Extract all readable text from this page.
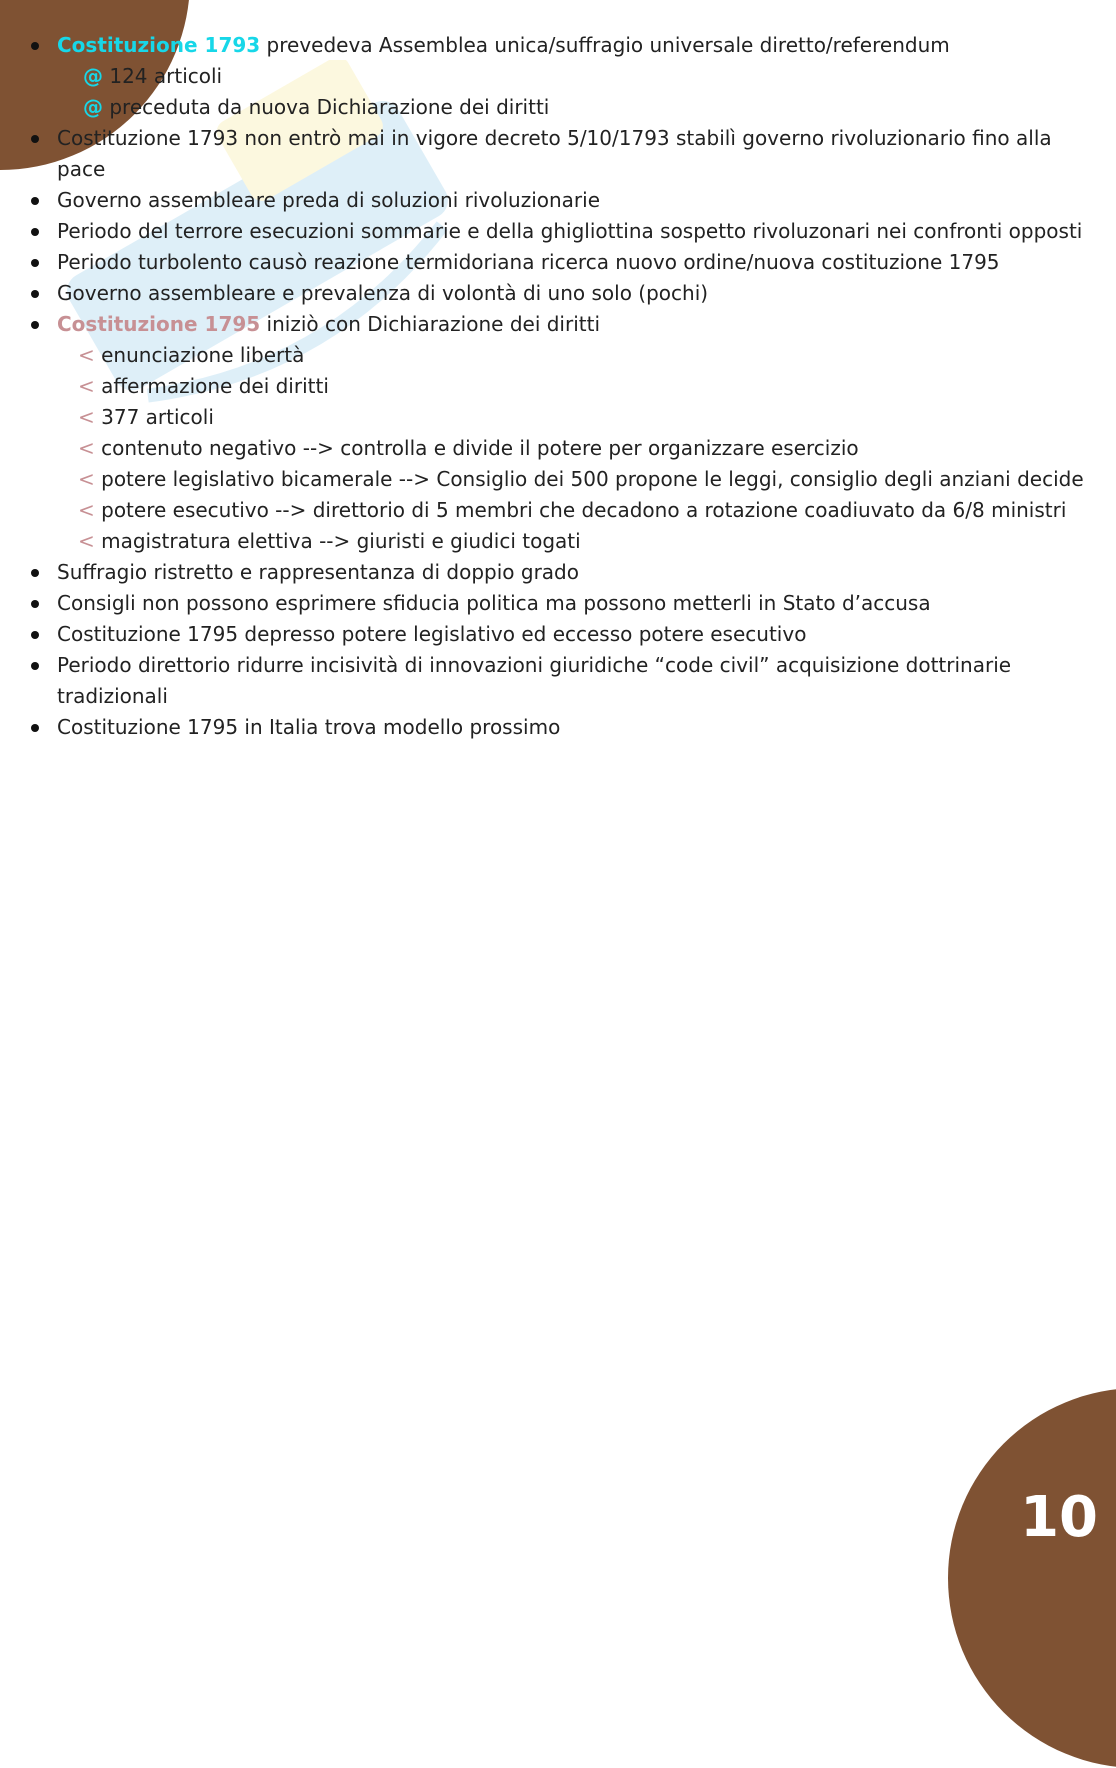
10
Costituzione 1793 prevedeva Assemblea unica/suffragio universale diretto/referendum
@ 124 articoli
@ preceduta da nuova Dichiarazione dei diritti
Costituzione 1793 non entrò mai in vigore decreto 5/10/1793 stabilì governo rivoluzionario fino alla pace
Governo assembleare preda di soluzioni rivoluzionarie
Periodo del terrore esecuzioni sommarie e della ghigliottina sospetto rivoluzonari nei confronti opposti
Periodo turbolento causò reazione termidoriana ricerca nuovo ordine/nuova costituzione 1795
Governo assembleare e prevalenza di volontà di uno solo (pochi)
Costituzione 1795 iniziò con Dichiarazione dei diritti
< enunciazione libertà
< affermazione dei diritti
< 377 articoli
< contenuto negativo --> controlla e divide il potere per organizzare esercizio
< potere legislativo bicamerale --> Consiglio dei 500 propone le leggi, consiglio degli anziani decide
< potere esecutivo --> direttorio di 5 membri che decadono a rotazione coadiuvato da 6/8 ministri
< magistratura elettiva --> giuristi e giudici togati
Suffragio ristretto e rappresentanza di doppio grado
Consigli non possono esprimere sfiducia politica ma possono metterli in Stato d’accusa
Costituzione 1795 depresso potere legislativo ed eccesso potere esecutivo
Periodo direttorio ridurre incisività di innovazioni giuridiche “code civil” acquisizione dottrinarie tradizionali
Costituzione 1795 in Italia trova modello prossimo
